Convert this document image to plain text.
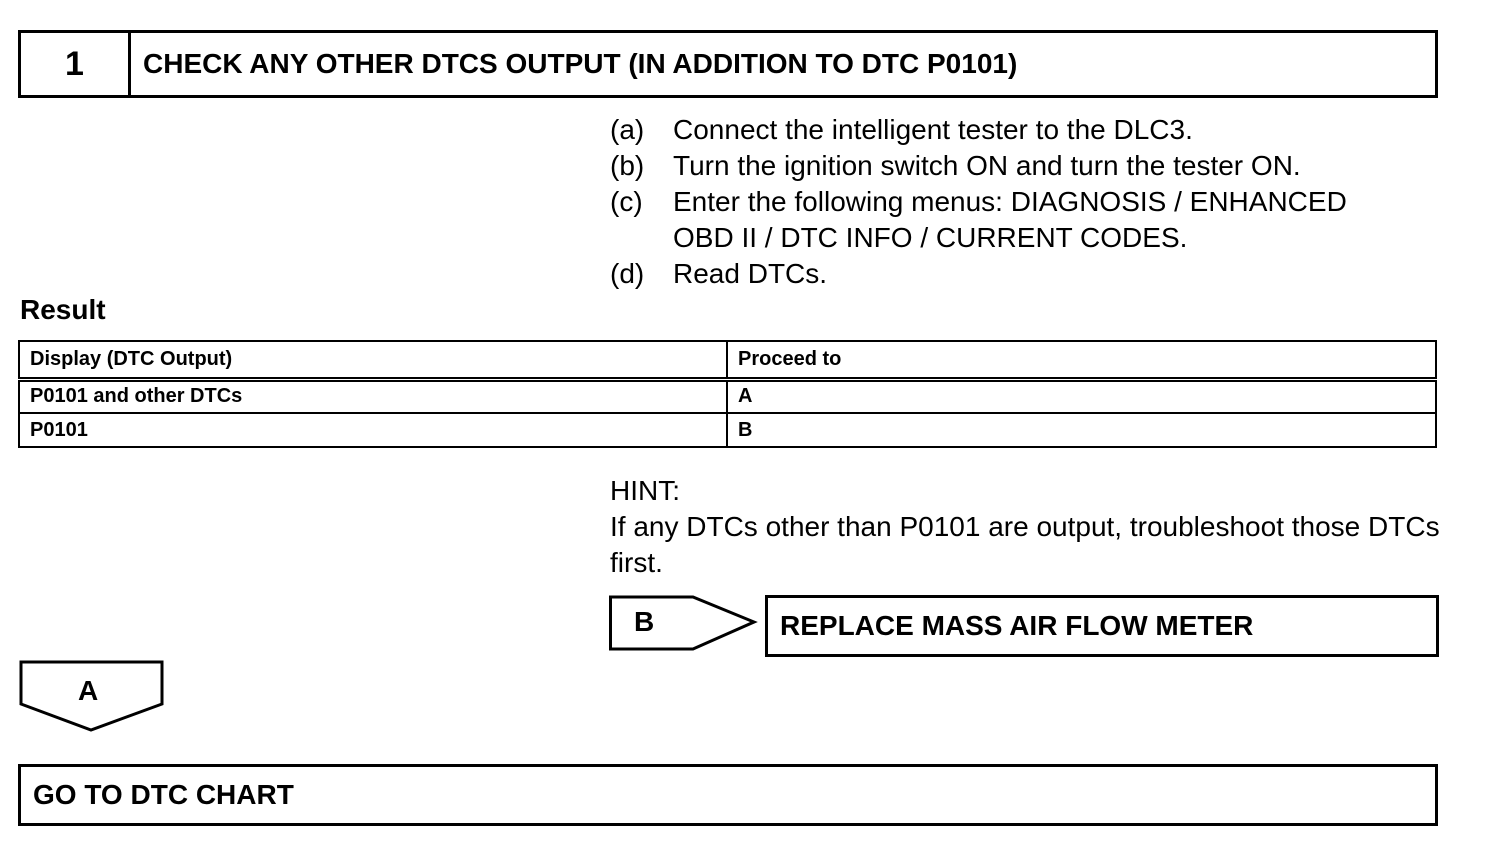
1	CHECK ANY OTHER DTCS OUTPUT (IN ADDITION TO DTC P0101)
(a)	Connect the intelligent tester to the DLC3.
(b)	Turn the ignition switch ON and turn the tester ON.
(c)	Enter the following menus: DIAGNOSIS / ENHANCED
OBD II / DTC INFO / CURRENT CODES.
(d)	Read DTCs.
Result
Display (DTC Output)	Proceed to
P0101 and other DTCs	A
P0101	B
HINT:
If any DTCs other than P0101 are output, troubleshoot those DTCs first.
B	REPLACE MASS AIR FLOW METER
A
GO TO DTC CHART
